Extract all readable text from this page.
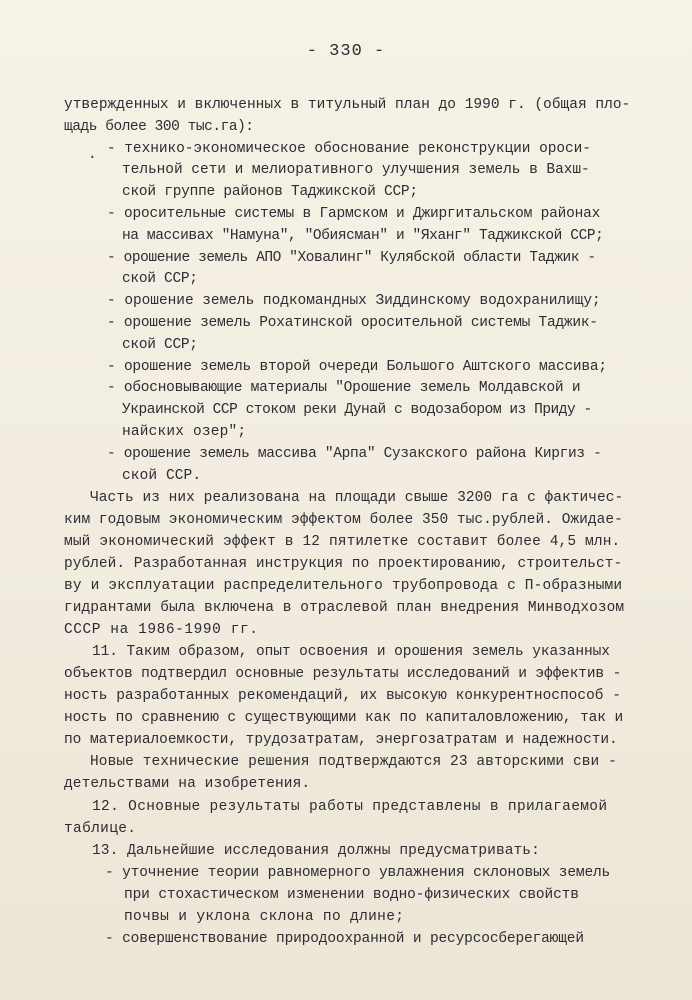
- 330 -
.
утвержденных и включенных в титульный план до 1990 г. (общая пло-
щадь более 300 тыс.га):
- технико-экономическое обоснование реконструкции ороси-
тельной сети и мелиоративного улучшения земель в Вахш-
ской группе районов Таджикской ССР;
- оросительные системы в Гармском и Джиргитальском районах
на массивах "Намуна", "Обиясман" и "Яханг" Таджикской ССР;
- орошение земель АПО "Ховалинг" Кулябской области Таджик -
ской ССР;
- орошение земель подкомандных Зиддинскому водохранилищу;
- орошение земель Рохатинской оросительной системы Таджик-
ской ССР;
- орошение земель второй очереди Большого Аштского массива;
- обосновывающие материалы "Орошение земель Молдавской и
Украинской ССР стоком реки Дунай с водозабором из Приду -
найских озер";
- орошение земель массива "Арпа" Сузакского района Киргиз -
ской ССР.
Часть из них реализована на площади свыше 3200 га с фактичес-
ким годовым экономическим эффектом более 350 тыс.рублей. Ожидае-
мый экономический эффект в 12 пятилетке составит более 4,5 млн.
рублей. Разработанная инструкция по проектированию, строительст-
ву и эксплуатации распределительного трубопровода с П-образными
гидрантами была включена в отраслевой план внедрения Минводхозом
СССР на 1986-1990 гг.
11. Таким образом, опыт освоения и орошения земель указанных
объектов подтвердил основные результаты исследований и эффектив -
ность разработанных рекомендаций, их высокую конкурентноспособ -
ность по сравнению с существующими как по капиталовложению, так и
по материалоемкости, трудозатратам, энергозатратам и надежности.
Новые технические решения подтверждаются 23 авторскими сви -
детельствами на изобретения.
12. Основные результаты работы представлены в прилагаемой
таблице.
13. Дальнейшие исследования должны предусматривать:
- уточнение теории равномерного увлажнения склоновых земель
при стохастическом изменении водно-физических свойств
почвы и уклона склона по длине;
- совершенствование природоохранной и ресурсосберегающей
